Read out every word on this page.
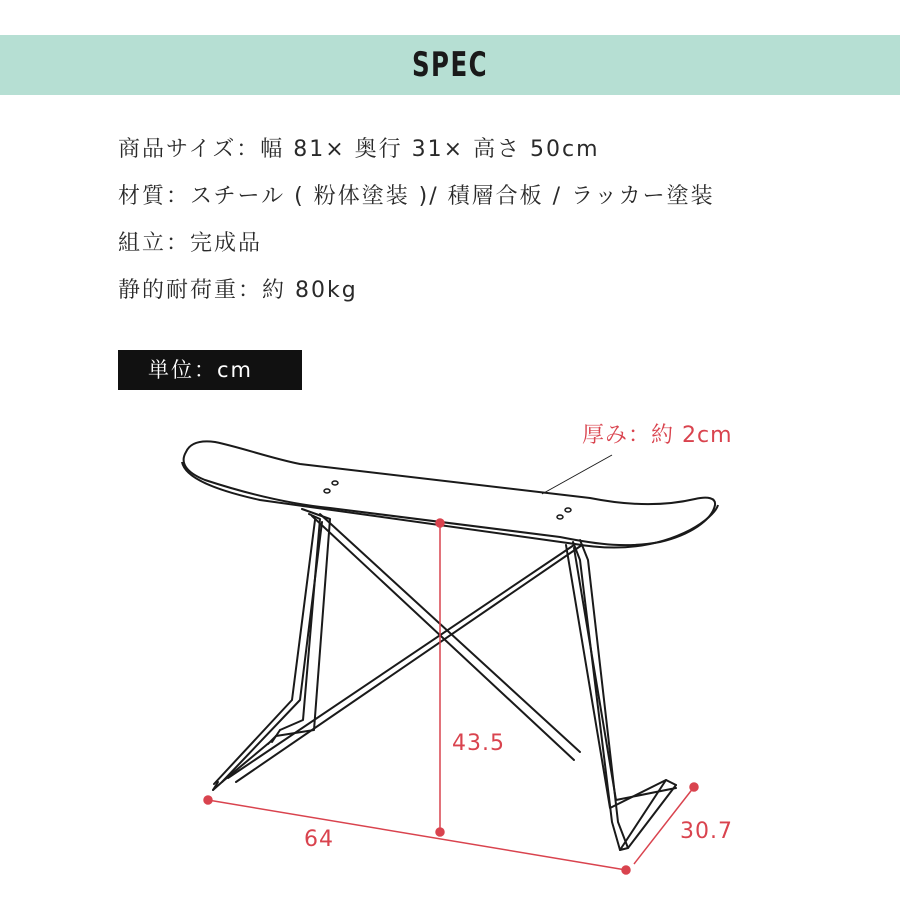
SPEC
商品サイズ：幅 81× 奥行 31× 高さ 50cm
材質：スチール ( 粉体塗装 )/ 積層合板 / ラッカー塗装
組立：完成品
静的耐荷重：約 80kg
単位：cm
厚み：約 2cm
43.5
64	30.7
